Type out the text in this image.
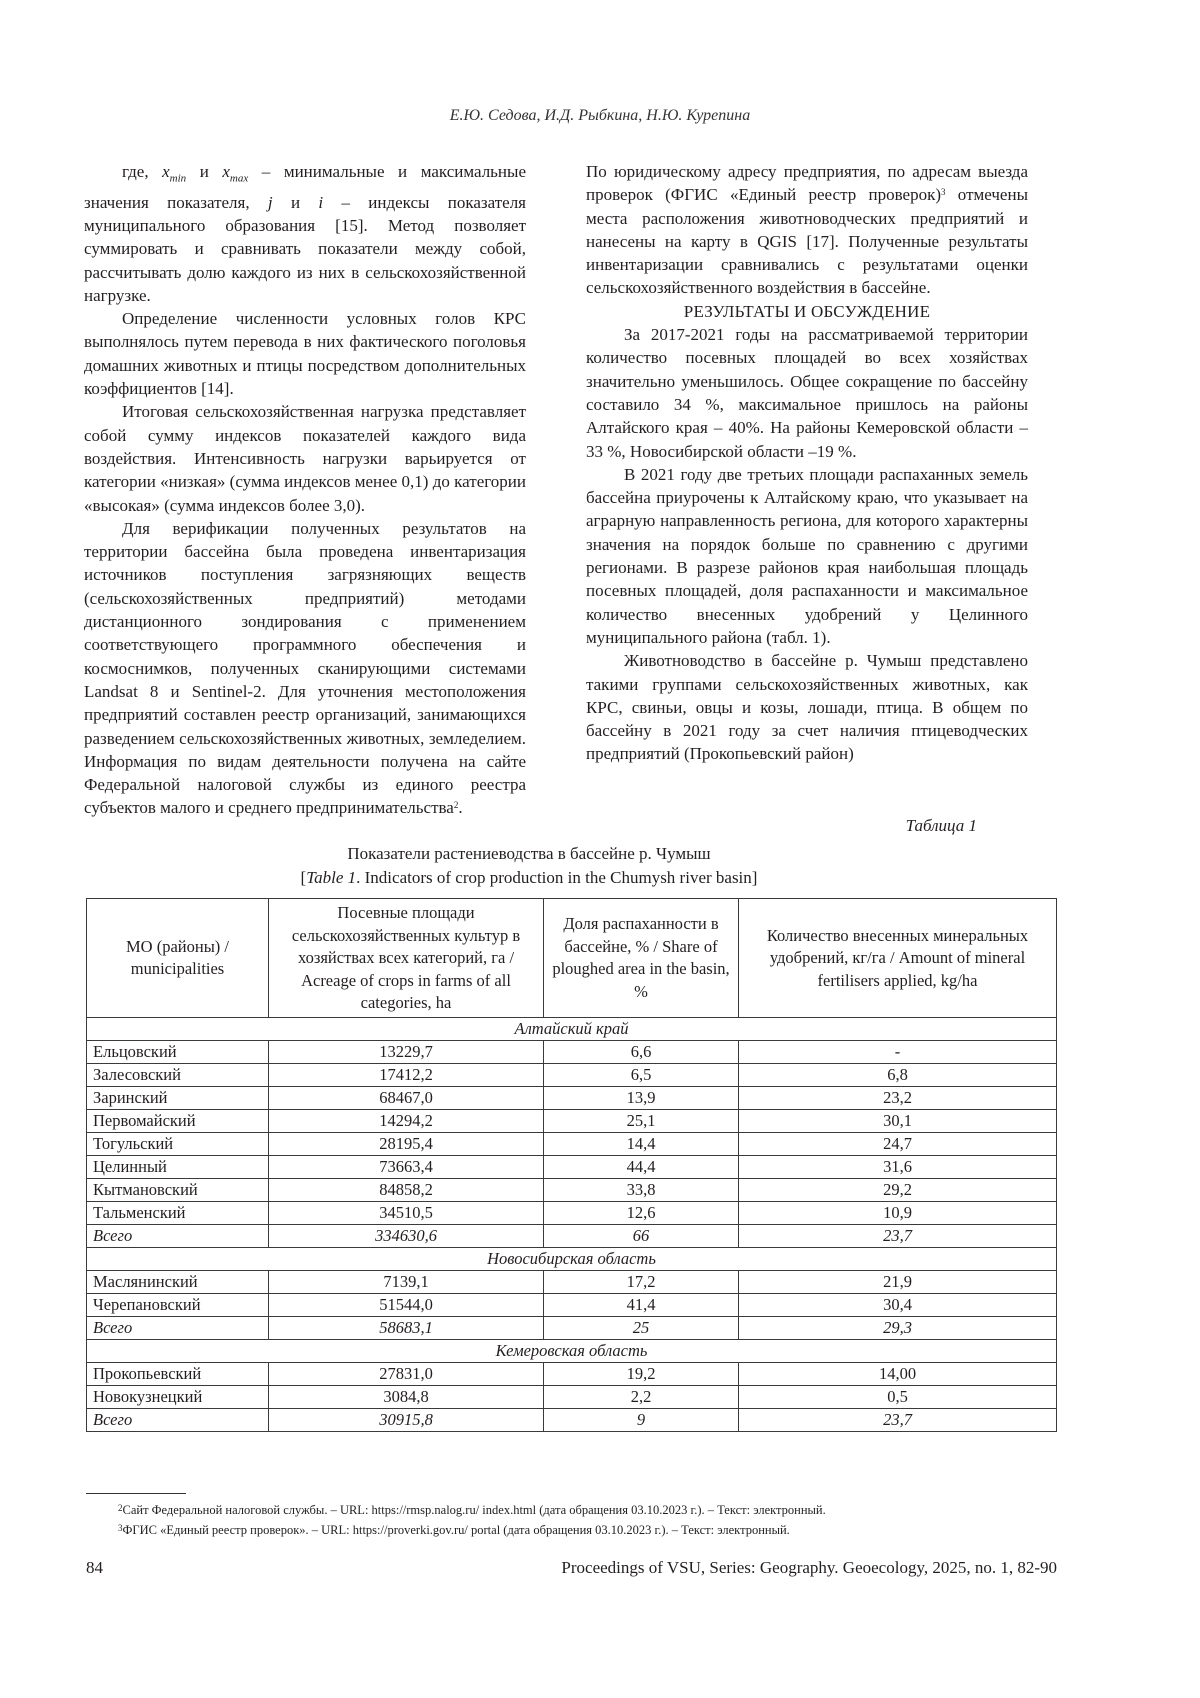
Е.Ю. Седова, И.Д. Рыбкина, Н.Ю. Курепина

где, $x_{min}$ и $x_{max}$ – минимальные и максимальные значения показателя, j и i – индексы показателя муниципального образования [15]. Метод позволяет суммировать и сравнивать показатели между собой, рассчитывать долю каждого из них в сельскохозяйственной нагрузке.

Определение численности условных голов КРС выполнялось путем перевода в них фактического поголовья домашних животных и птицы посредством дополнительных коэффициентов [14].

Итоговая сельскохозяйственная нагрузка представляет собой сумму индексов показателей каждого вида воздействия. Интенсивность нагрузки варьируется от категории «низкая» (сумма индексов менее 0,1) до категории «высокая» (сумма индексов более 3,0).

Для верификации полученных результатов на территории бассейна была проведена инвентаризация источников поступления загрязняющих веществ (сельскохозяйственных предприятий) методами дистанционного зондирования с применением соответствующего программного обеспечения и космоснимков, полученных сканирующими системами Landsat 8 и Sentinel-2. Для уточнения местоположения предприятий составлен реестр организаций, занимающихся разведением сельскохозяйственных животных, земледелием. Информация по видам деятельности получена на сайте Федеральной налоговой службы из единого реестра субъектов малого и среднего предпринимательства$^2$.

По юридическому адресу предприятия, по адресам выезда проверок (ФГИС «Единый реестр проверок)$^3$ отмечены места расположения животноводческих предприятий и нанесены на карту в QGIS [17]. Полученные результаты инвентаризации сравнивались с результатами оценки сельскохозяйственного воздействия в бассейне.

РЕЗУЛЬТАТЫ И ОБСУЖДЕНИЕ

За 2017-2021 годы на рассматриваемой территории количество посевных площадей во всех хозяйствах значительно уменьшилось. Общее сокращение по бассейну составило 34 %, максимальное пришлось на районы Алтайского края – 40%. На районы Кемеровской области – 33 %, Новосибирской области –19 %.

В 2021 году две третьих площади распаханных земель бассейна приурочены к Алтайскому краю, что указывает на аграрную направленность региона, для которого характерны значения на порядок больше по сравнению с другими регионами. В разрезе районов края наибольшая площадь посевных площадей, доля распаханности и максимальное количество внесенных удобрений у Целинного муниципального района (табл. 1).

Животноводство в бассейне р. Чумыш представлено такими группами сельскохозяйственных животных, как КРС, свиньи, овцы и козы, лошади, птица. В общем по бассейну в 2021 году за счет наличия птицеводческих предприятий (Прокопьевский район)

Таблица 1
Показатели растениеводства в бассейне р. Чумыш
[Table 1. Indicators of crop production in the Chumysh river basin]
МО (районы) / municipalities	Посевные площади сельскохозяйственных культур в хозяйствах всех категорий, га / Acreage of crops in farms of all categories, ha	Доля распаханности в бассейне, % / Share of ploughed area in the basin, %	Количество внесенных минеральных удобрений, кг/га / Amount of mineral fertilisers applied, kg/ha
Алтайский край			
Ельцовский	13229,7	6,6	-
Залесовский	17412,2	6,5	6,8
Заринский	68467,0	13,9	23,2
Первомайский	14294,2	25,1	30,1
Тогульский	28195,4	14,4	24,7
Целинный	73663,4	44,4	31,6
Кытмановский	84858,2	33,8	29,2
Тальменский	34510,5	12,6	10,9
Всего	334630,6	66	23,7
Новосибирская область			
Маслянинский	7139,1	17,2	21,9
Черепановский	51544,0	41,4	30,4
Всего	58683,1	25	29,3
Кемеровская область			
Прокопьевский	27831,0	19,2	14,00
Новокузнецкий	3084,8	2,2	0,5
Всего	30915,8	9	23,7
$^2$Сайт Федеральной налоговой службы. – URL: https://rmsp.nalog.ru/ index.html (дата обращения 03.10.2023 г.). – Текст: электронный.
$^3$ФГИС «Единый реестр проверок». – URL: https://proverki.gov.ru/ portal (дата обращения 03.10.2023 г.). – Текст: электронный.
84	Proceedings of VSU, Series: Geography. Geoecology, 2025, no. 1, 82-90
